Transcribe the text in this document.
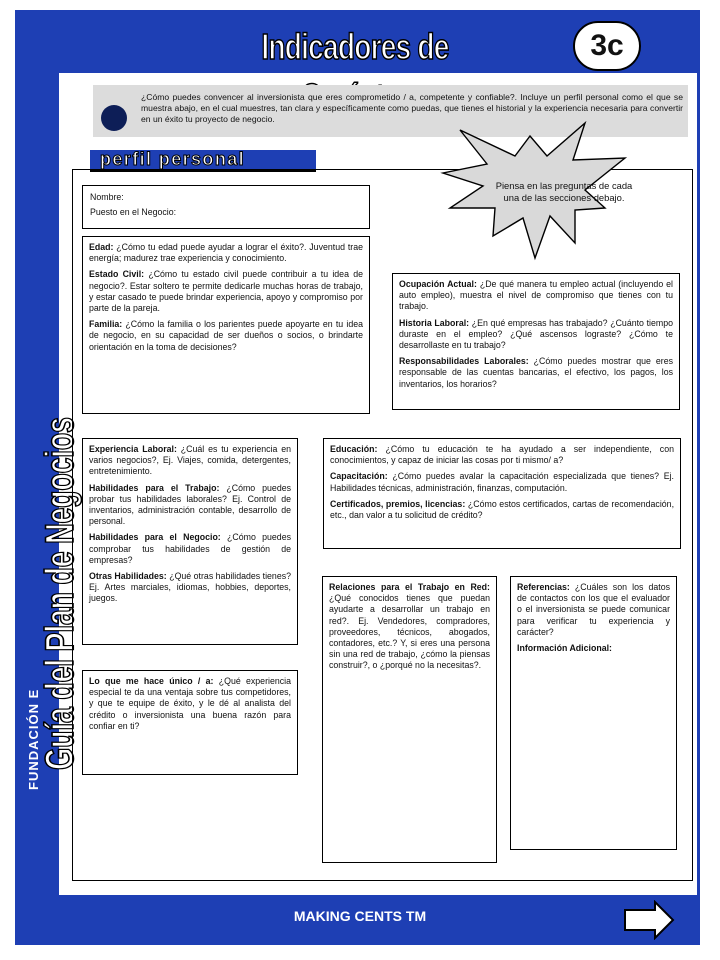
Indicadores de	3c
Guía del Plan de Negocios
FUNDACIÓN E
MAKING CENTS TM

¿Cómo puedes convencer al inversionista que eres comprometido / a, competente y confiable?. Incluye un perfil personal como el que se muestra abajo, en el cual muestres, tan clara y específicamente como puedas, que tienes el historial y la experiencia necesaria para convertir en un éxito tu proyecto de negocio.

perfil personal
Piensa en las preguntas de cada una de las secciones debajo.
Nombre:
Puesto en el Negocio:

Edad: ¿Cómo tu edad puede ayudar a lograr el éxito?. Juventud trae energía; madurez trae experiencia y conocimiento.

Estado Civil: ¿Cómo tu estado civil puede contribuir a tu idea de negocio?. Estar soltero te permite dedicarle muchas horas de trabajo, y estar casado te puede brindar experiencia, apoyo y compromiso por parte de la pareja.

Familia: ¿Cómo la familia o los parientes puede apoyarte en tu idea de negocio, en su capacidad de ser dueños o socios, o brindarte orientación en la toma de decisiones?

Ocupación Actual: ¿De qué manera tu empleo actual (incluyendo el auto empleo), muestra el nivel de compromiso que tienes con tu trabajo.

Historia Laboral: ¿En qué empresas has trabajado? ¿Cuánto tiempo duraste en el empleo? ¿Qué ascensos lograste? ¿Cómo te desarrollaste en tu trabajo?

Responsabilidades Laborales: ¿Cómo puedes mostrar que eres responsable de las cuentas bancarias, el efectivo, los pagos, los inventarios, los horarios?

Experiencia Laboral: ¿Cuál es tu experiencia en varios negocios?, Ej. Viajes, comida, detergentes, entretenimiento.

Habilidades para el Trabajo: ¿Cómo puedes probar tus habilidades laborales? Ej. Control de inventarios, administración contable, desarrollo de personal.

Habilidades para el Negocio: ¿Cómo puedes comprobar tus habilidades de gestión de empresas?

Otras Habilidades: ¿Qué otras habilidades tienes? Ej. Artes marciales, idiomas, hobbies, deportes, juegos.

Educación: ¿Cómo tu educación te ha ayudado a ser independiente, con conocimientos, y capaz de iniciar las cosas por ti mismo/ a?

Capacitación: ¿Cómo puedes avalar la capacitación especializada que tienes? Ej. Habilidades técnicas, administración, finanzas, computación.

Certificados, premios, licencias: ¿Cómo estos certificados, cartas de recomendación, etc., dan valor a tu solicitud de crédito?

Lo que me hace único / a: ¿Qué experiencia especial te da una ventaja sobre tus competidores, y que te equipe de éxito, y le dé al analista del crédito o inversionista una buena razón para confiar en ti?

Relaciones para el Trabajo en Red: ¿Qué conocidos tienes que puedan ayudarte a desarrollar un trabajo en red?. Ej. Vendedores, compradores, proveedores, técnicos, abogados, contadores, etc.? Y, si eres una persona sin una red de trabajo, ¿cómo la piensas construir?, o ¿porqué no la necesitas?.

Referencias: ¿Cuáles son los datos de contactos con los que el evaluador o el inversionista se puede comunicar para verificar tu experiencia y carácter?

Información Adicional:
